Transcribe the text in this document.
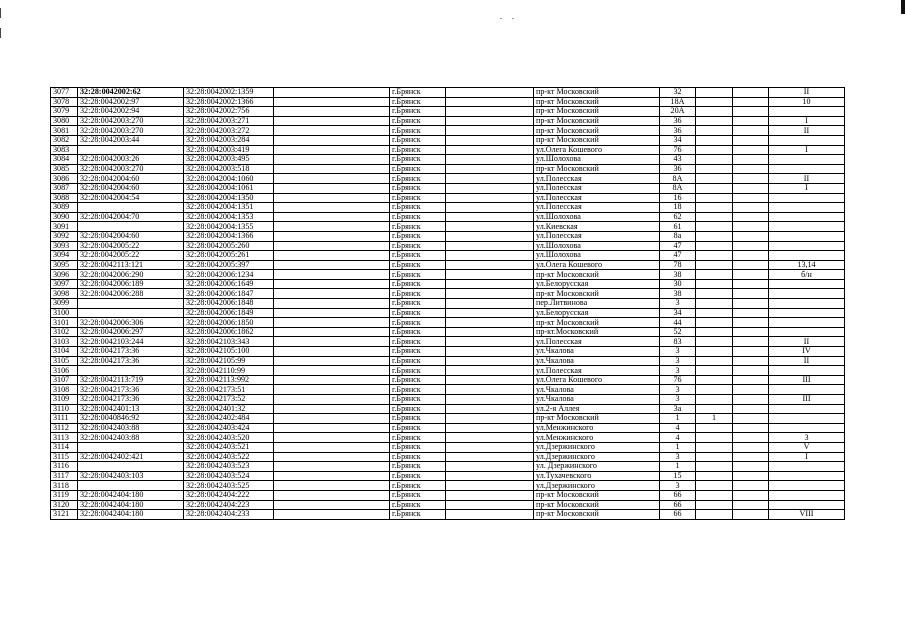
3077	32:28:0042002:62	32:28:0042002:1359		г.Брянск		пр-кт Московский	32			II
3078	32:28:0042002:97	32:28:0042002:1366		г.Брянск		пр-кт Московский	18А			10
3079	32:28:0042002:94	32:28:0042002:756		г.Брянск		пр-кт Московский	20А			
3080	32:28:0042003:270	32:28:0042003:271		г.Брянск		пр-кт Московский	36			I
3081	32:28:0042003:270	32:28:0042003:272		г.Брянск		пр-кт Московский	36			II
3082	32:28:0042003:44	32:28:0042003:284		г.Брянск		пр-кт Московский	34			
3083		32:28:0042003:419		г.Брянск		ул.Олега Кошевого	76			I
3084	32:28:0042003:26	32:28:0042003:495		г.Брянск		ул.Шолохова	43			
3085	32:28:0042003:270	32:28:0042003:518		г.Брянск		пр-кт Московский	36			
3086	32:28:0042004:60	32:28:0042004:1060		г.Брянск		ул.Полесская	8А			II
3087	32:28:0042004:60	32:28:0042004:1061		г.Брянск		ул.Полесская	8А			I
3088	32:28:0042004:54	32:28:0042004:1350		г.Брянск		ул.Полесская	16			
3089		32:28:0042004:1351		г.Брянск		ул.Полесская	18			
3090	32:28:0042004:70	32:28:0042004:1353		г.Брянск		ул.Шолохова	62			
3091		32:28:0042004:1355		г.Брянск		ул.Киевская	61			
3092	32:28:0042004:60	32:28:0042004:1366		г.Брянск		ул.Полесская	8а			
3093	32:28:0042005:22	32:28:0042005:260		г.Брянск		ул.Шолохова	47			
3094	32:28:0042005:22	32:28:0042005:261		г.Брянск		ул.Шолохова	47			
3095	32:28:0042113:121	32:28:0042005:397		г.Брянск		ул.Олега Кошевого	78			13,14
3096	32:28:0042006:290	32:28:0042006:1234		г.Брянск		пр-кт Московский	38			б/н
3097	32:28:0042006:189	32:28:0042006:1649		г.Брянск		ул.Белорусская	30			
3098	32:28:0042006:288	32:28:0042006:1847		г.Брянск		пр-кт Московский	38			
3099		32:28:0042006:1848		г.Брянск		пер.Литвинова	3			
3100		32:28:0042006:1849		г.Брянск		ул.Белорусская	34			
3101	32:28:0042006:306	32:28:0042006:1850		г.Брянск		пр-кт Московский	44			
3102	32:28:0042006:297	32:28:0042006:1862		г.Брянск		пр-кт.Московский	52			
3103	32:28:0042103:244	32:28:0042103:343		г.Брянск		ул.Полесская	83			II
3104	32:28:0042173:36	32:28:0042105:100		г.Брянск		ул.Чкалова	3			IV
3105	32:28:0042173:36	32:28:0042105:99		г.Брянск		ул.Чкалова	3			II
3106		32:28:0042110:99		г.Брянск		ул.Полесская	3			
3107	32:28:0042113:719	32:28:0042113:992		г.Брянск		ул.Олега Кошевого	76			III
3108	32:28:0042173:36	32:28:0042173:51		г.Брянск		ул.Чкалова	3			
3109	32:28:0042173:36	32:28:0042173:52		г.Брянск		ул.Чкалова	3			III
3110	32:28:0042401:13	32:28:0042401:32		г.Брянск		ул.2-я Аллея	3а			
3111	32:28:0040846:92	32:28:0042402:484		г.Брянск		пр-кт Московский	1	1		
3112	32:28:0042403:88	32:28:0042403:424		г.Брянск		ул.Менжинского	4			
3113	32:28:0042403:88	32:28:0042403:520		г.Брянск		ул.Менжинского	4			3
3114		32:28:0042403:521		г.Брянск		ул.Дзержинского	1			V
3115	32:28:0042402:421	32:28:0042403:522		г.Брянск		ул.Дзержинского	3			I
3116		32:28:0042403:523		г.Брянск		ул. Дзержинского	1			
3117	32:28:0042403:103	32:28:0042403:524		г.Брянск		ул.Тухачевского	15			
3118		32:28:0042403:525		г.Брянск		ул.Дзержинского	3			
3119	32:28:0042404:180	32:28:0042404:222		г.Брянск		пр-кт Московский	66			
3120	32:28:0042404:180	32:28:0042404:223		г.Брянск		пр-кт Московский	66			
3121	32:28:0042404:180	32:28:0042404:233		г.Брянск		пр-кт Московский	66			VIII
